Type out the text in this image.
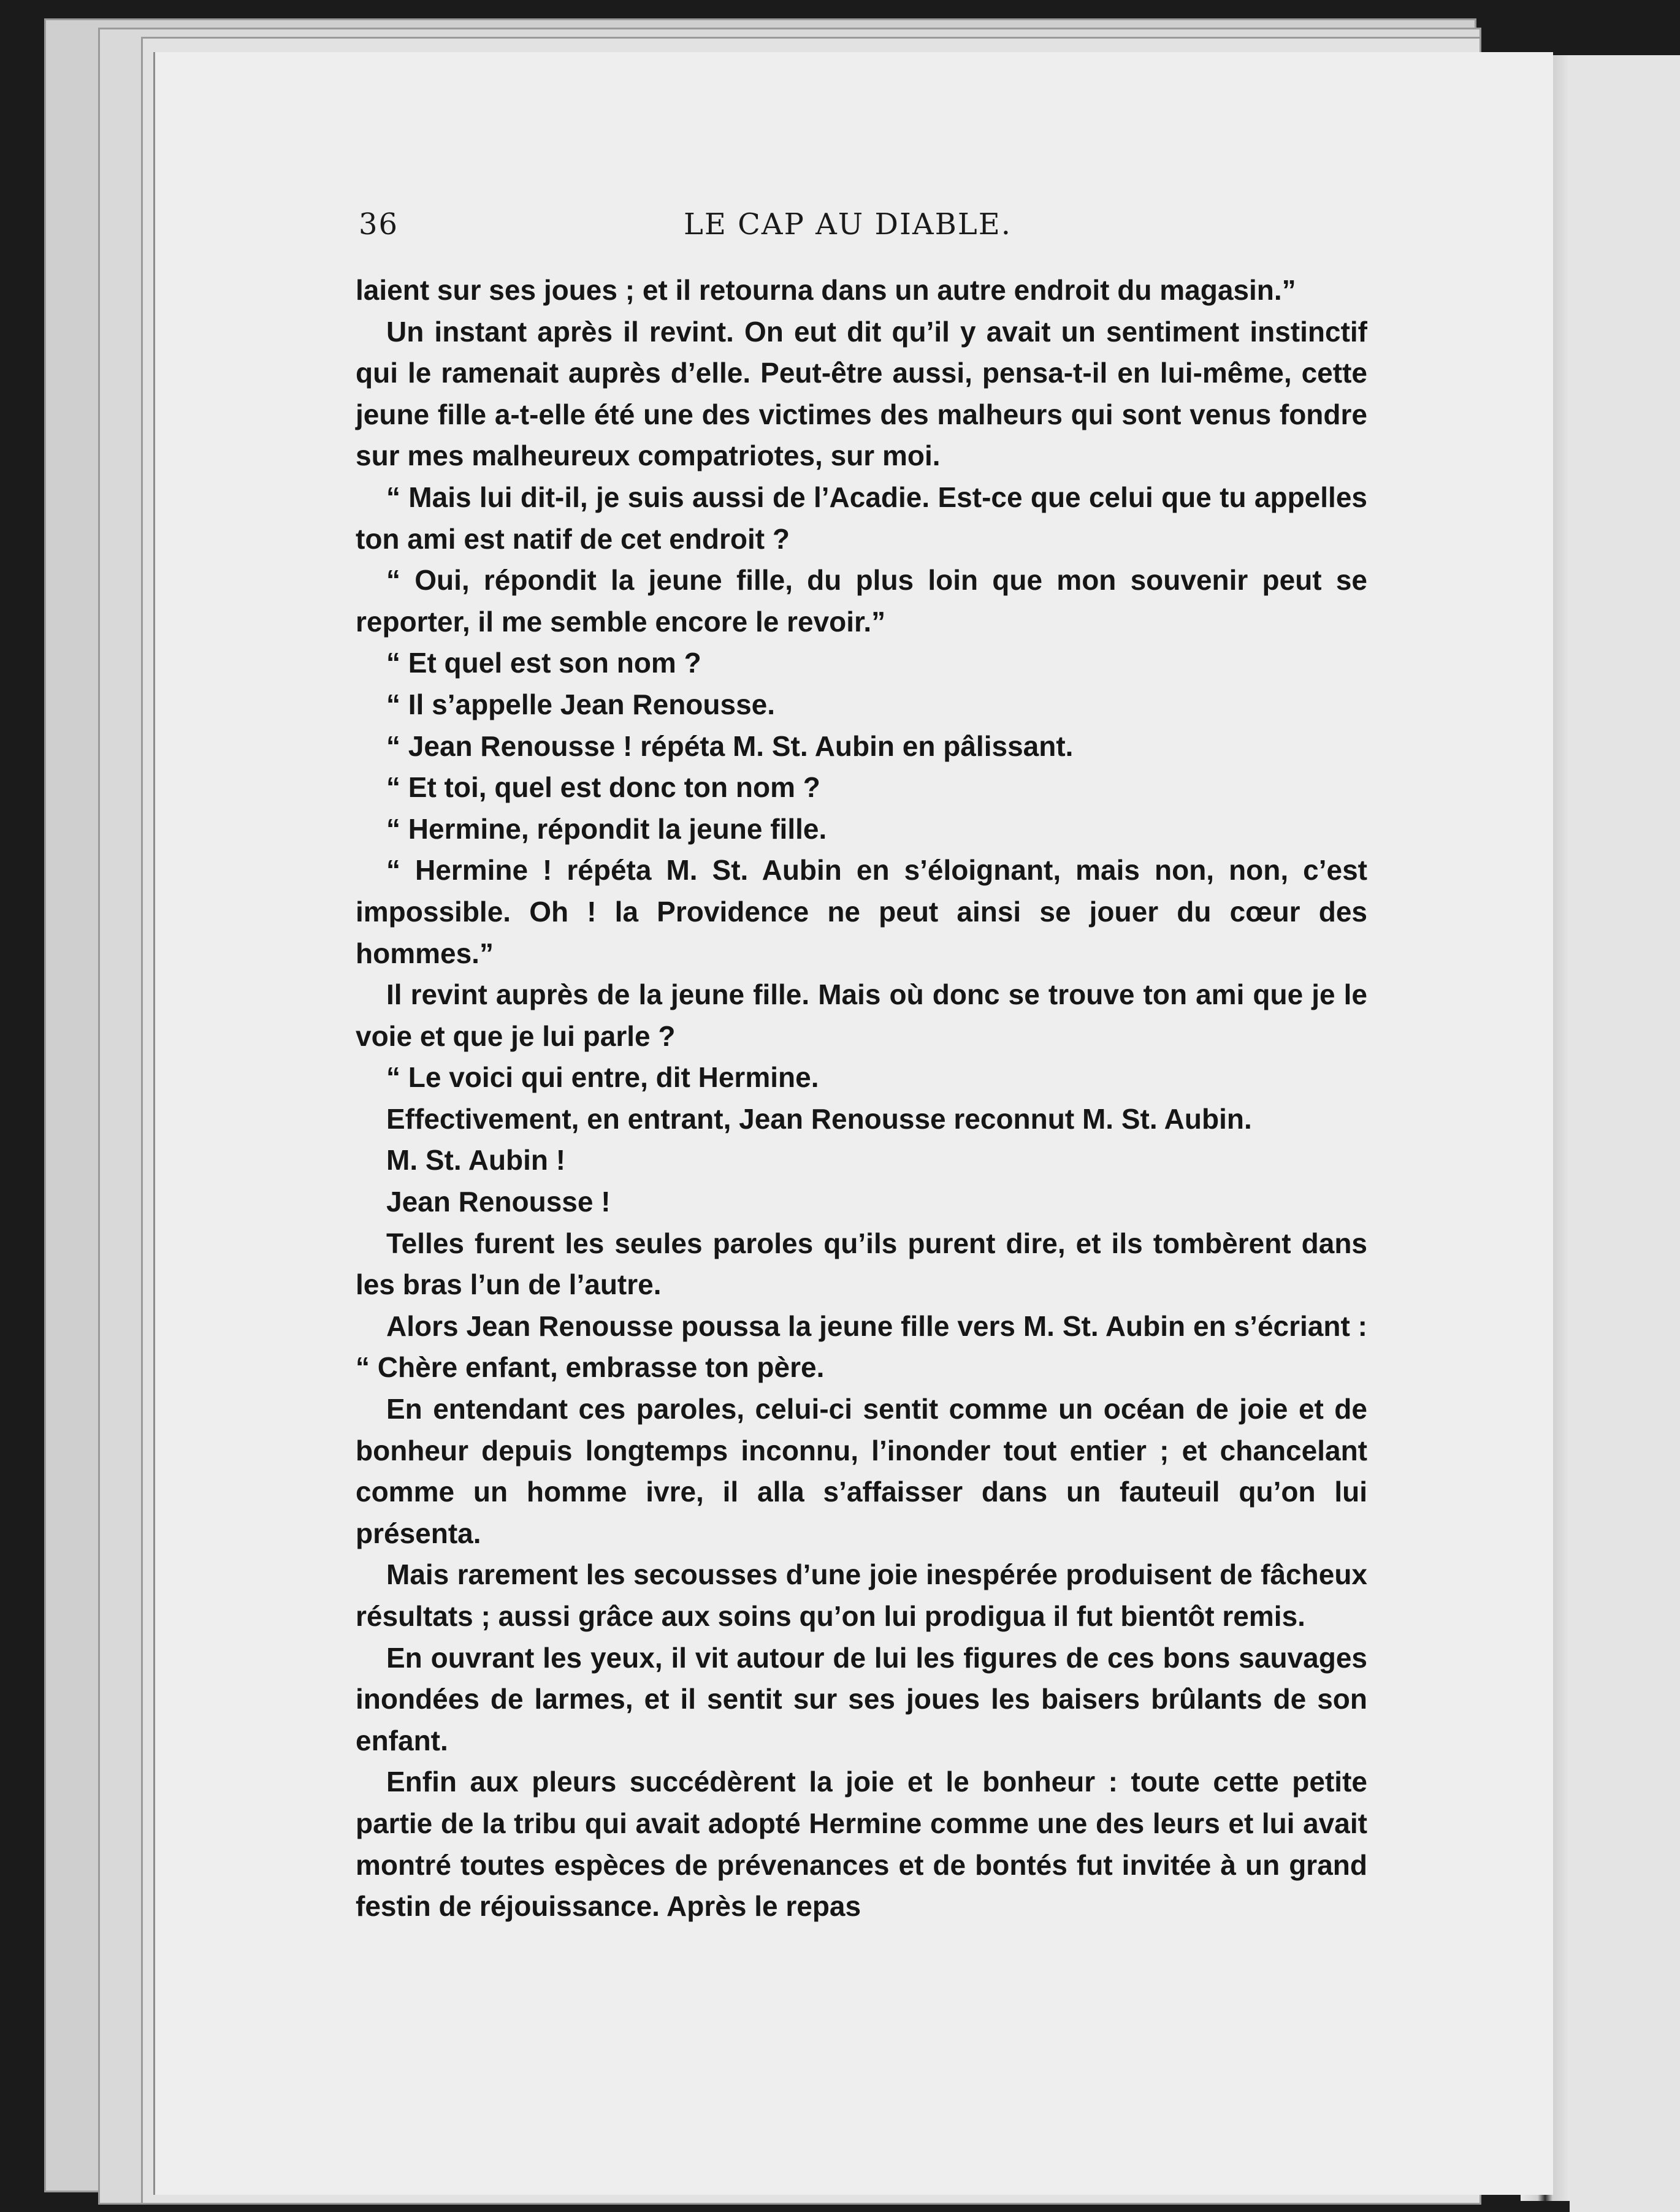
36	LE CAP AU DIABLE.

laient sur ses joues ; et il retourna dans un autre endroit du magasin.”

Un instant après il revint. On eut dit qu’il y avait un sentiment instinctif qui le ramenait auprès d’elle. Peut-être aussi, pensa-t-il en lui-même, cette jeune fille a-t-elle été une des victimes des malheurs qui sont venus fondre sur mes malheureux compatriotes, sur moi.

“ Mais lui dit-il, je suis aussi de l’Acadie. Est-ce que celui que tu appelles ton ami est natif de cet endroit ?

“ Oui, répondit la jeune fille, du plus loin que mon souvenir peut se reporter, il me semble encore le revoir.”

“ Et quel est son nom ?

“ Il s’appelle Jean Renousse.

“ Jean Renousse ! répéta M. St. Aubin en pâlissant.

“ Et toi, quel est donc ton nom ?

“ Hermine, répondit la jeune fille.

“ Hermine ! répéta M. St. Aubin en s’éloignant, mais non, non, c’est impossible. Oh ! la Providence ne peut ainsi se jouer du cœur des hommes.”

Il revint auprès de la jeune fille. Mais où donc se trouve ton ami que je le voie et que je lui parle ?

“ Le voici qui entre, dit Hermine.

Effectivement, en entrant, Jean Renousse reconnut M. St. Aubin.

M. St. Aubin !

Jean Renousse !

Telles furent les seules paroles qu’ils purent dire, et ils tombèrent dans les bras l’un de l’autre.

Alors Jean Renousse poussa la jeune fille vers M. St. Aubin en s’écriant : “ Chère enfant, embrasse ton père.

En entendant ces paroles, celui-ci sentit comme un océan de joie et de bonheur depuis longtemps inconnu, l’inonder tout entier ; et chancelant comme un homme ivre, il alla s’affaisser dans un fauteuil qu’on lui présenta.

Mais rarement les secousses d’une joie inespérée produisent de fâcheux résultats ; aussi grâce aux soins qu’on lui prodigua il fut bientôt remis.

En ouvrant les yeux, il vit autour de lui les figures de ces bons sauvages inondées de larmes, et il sentit sur ses joues les baisers brûlants de son enfant.

Enfin aux pleurs succédèrent la joie et le bonheur : toute cette petite partie de la tribu qui avait adopté Hermine comme une des leurs et lui avait montré toutes espèces de prévenances et de bontés fut invitée à un grand festin de réjouissance. Après le repas
